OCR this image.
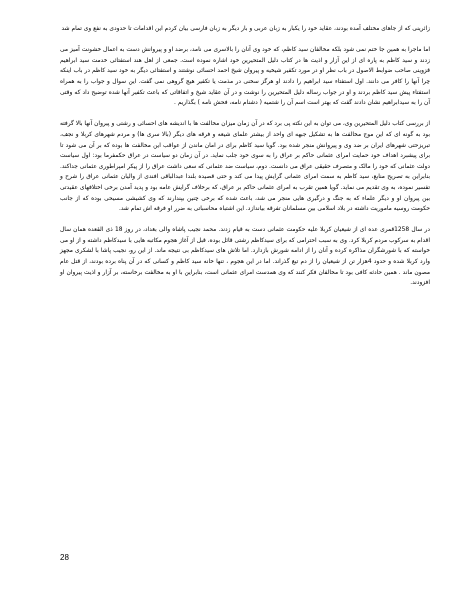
زائرینی که از جاهای مختلف آمده بودند، عقاید خود را یکبار به زبان عربی و بار دیگر به زبان فارسی بیان کردم این اقدامات تا حدودی به نفع وی تمام شد

اما ماجرا به همین جا ختم نمی شود بلکه مخالفان سید کاظم، که خود وی آنان را بالاسری می نامد، برضد او و پیروانش دست به اعمال خشونت آمیز می زدند و سید کاظم به پاره ای از این آزار و اذیت ها در کتاب دلیل المتحیرین خود اشاره نموده است. جمعی از اهل هند استفتائی خدمت سید ابراهیم قزوینی صاحب ضوابط الاصول در باب نظر او در مورد تکفیر شیخیه و پیروان شیخ احمد احسائی نوشتند و استفتائی دیگر به خود سید کاظم در باب اینکه چرا آنها را کافر می دانند. اول استفتاء سید ابراهیم را دادند او هرگز سخنی در مذمت یا تکفیر هیچ گروهی نمی گفت. این سوال و جواب را به همراه استفتاء پیش سید کاظم بردند و او در جواب رساله دلیل المتحیرین را نوشت و در آن عقاید شیخ و اتفاقاتی که باعث تکفیر آنها شده توضیح داد که وقتی آن را به سیدابراهیم نشان دادند گفت که بهتر است اسم آن را شتمیه ( دشنام نامه، فحش نامه ) بگذاریم .

از بررسی کتاب دلیل المتحیرین وی، می توان به این نکته پی برد که در آن زمان میزان مخالفت ها با اندیشه های احسائی و رشتی و پیروان آنها بالا گرفته بود به گونه ای که این موج مخالفت ها به تشکیل جبهه ای واحد از بیشتر علمای شیعه و فرقه های دیگر (بالا سری ها) و مردم شهرهای کربلا و نجف، تبریزحتی شهرهای ایران بر ضد وی و پیروانش منجر شده بود. گویا سید کاظم برای در امان ماندن از عواقب این مخالفت ها بوده که بر آن می شود تا برای پیشبرد اهداف خود حمایت امرای عثمانی حاکم بر عراق را به سوی خود جلب نماید. در آن زمان دو سیاست در عراق حکمفرما بود: اول سیاست دولت عثمانی که خود را مالک و متصرف حقیقی عراق می دانست. دوم، سیاست ضد عثمانی که سعی داشت عراق را از پیکر امپراطوری عثمانی جداکند. بنابراین به تصریح منابع، سید کاظم به سمت امرای عثمانی گرایش پیدا می کند و حتی قصیده بلندا عبدالباقی افندی از والیان عثمانی عراق را شرح و تفسیر نموده، به وی تقدیم می نماید. گویا همین تقرب به امرای عثمانی حاکم بر عراق، که برخلاف گرایش عامه بود و پدید آمدن برخی اختلافهای عقیدتی بین پیروان او و دیگر علماء که به جنگ و درگیری هایی منجر می شد، باعث شده که برخی چنین بپندارند که وی کشیشی مسیحی بوده که از جانب حکومت روسیه ماموریت داشته در بلاد اسلامی بین مسلمانان تفرقه بیاندازد. این اشتباه محاسباتی به ضرر او فرقه اش تمام شد.

در سال 1258قمری عده ای از شیعیان کربلا علیه حکومت عثمانی دست به قیام زدند. محمد نجیب پاشاه والی بغداد، در روز 18 ذی القعده همان سال اقدام به سرکوب مردم کربلا کرد. وی به سبب احترامی که برای سیدکاظم رشتی قائل بوده، قبل از آغاز هجوم مکاتبه هایی با سیدکاظم داشته و از او می خواسته که با شورشگران مذاکره کرده و آنان را از ادامه شورش بازدارد. اما تلاش های سیدکاظم بی نتیجه ماند. از این رو، نجیب پاشا با لشکری مجهز وارد کربلا شده و حدود 4هزار تن از شیعیان را از دم تیغ گذراند. اما در این هجوم ، تنها خانه سید کاظم و کسانی که در آن پناه برده بودند، از قتل عام مصون ماند . همین حادثه کافی بود تا مخالفان فکر کنند که وی همدست امرای عثمانی است، بنابراین با او به مخالفت برخاسته، بر آزار و اذیت پیروان او افزودند.

28
